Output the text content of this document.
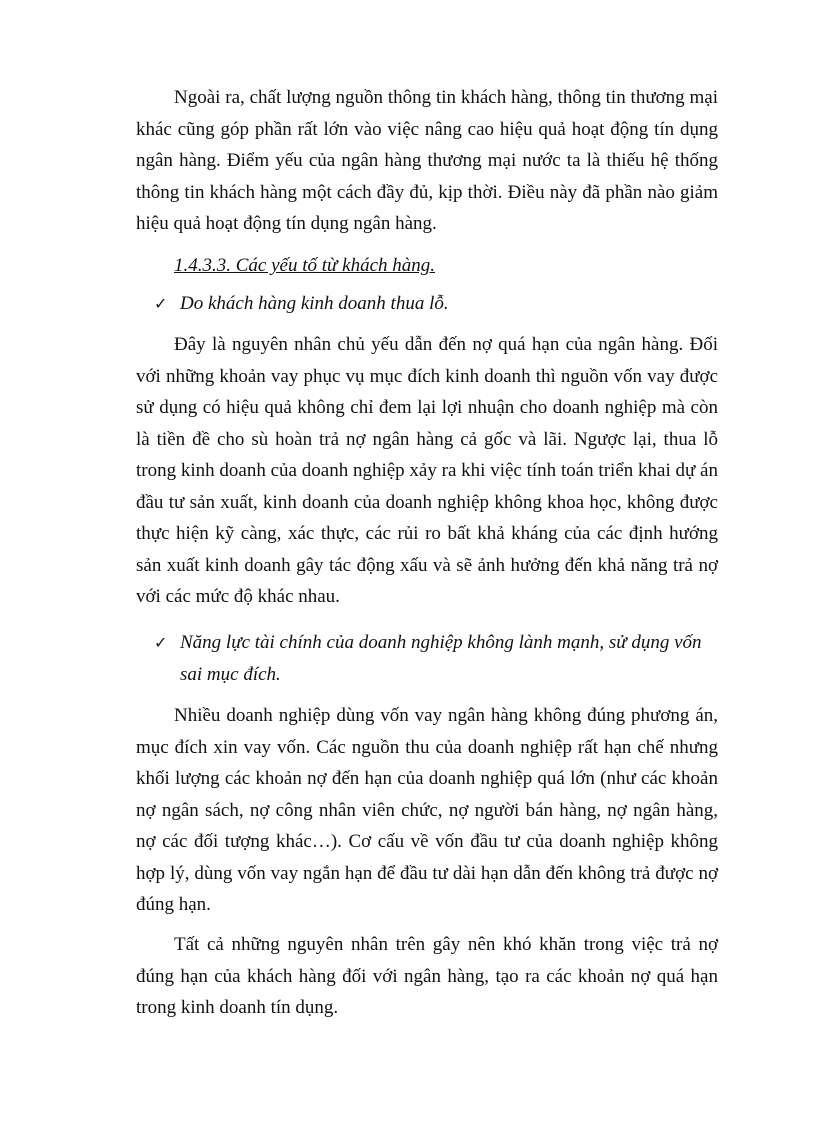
Ngoài ra, chất lượng nguồn thông tin khách hàng, thông tin thương mại khác cũng góp phần rất lớn vào việc nâng cao hiệu quả hoạt động tín dụng ngân hàng. Điểm yếu của ngân hàng thương mại nước ta là thiếu hệ thống thông tin khách hàng một cách đầy đủ, kịp thời. Điều này đã phần nào giảm hiệu quả hoạt động tín dụng ngân hàng.

1.4.3.3. Các yếu tố từ khách hàng.

✓ Do khách hàng kinh doanh thua lỗ.

Đây là nguyên nhân chủ yếu dẫn đến nợ quá hạn của ngân hàng. Đối với những khoản vay phục vụ mục đích kinh doanh thì nguồn vốn vay được sử dụng có hiệu quả không chỉ đem lại lợi nhuận cho doanh nghiệp mà còn là tiền đề cho sù hoàn trả nợ ngân hàng cả gốc và lãi. Ngược lại, thua lỗ trong kinh doanh của doanh nghiệp xảy ra khi việc tính toán triển khai dự án đầu tư sản xuất, kinh doanh của doanh nghiệp không khoa học, không được thực hiện kỹ càng, xác thực, các rủi ro bất khả kháng của các định hướng sản xuất kinh doanh gây tác động xấu và sẽ ảnh hưởng đến khả năng trả nợ với các mức độ khác nhau.

✓ Năng lực tài chính của doanh nghiệp không lành mạnh, sử dụng vốn sai mục đích.

Nhiều doanh nghiệp dùng vốn vay ngân hàng không đúng phương án, mục đích xin vay vốn. Các nguồn thu của doanh nghiệp rất hạn chế nhưng khối lượng các khoản nợ đến hạn của doanh nghiệp quá lớn (như các khoản nợ ngân sách, nợ công nhân viên chức, nợ người bán hàng, nợ ngân hàng, nợ các đối tượng khác…). Cơ cấu về vốn đầu tư của doanh nghiệp không hợp lý, dùng vốn vay ngắn hạn để đầu tư dài hạn dẫn đến không trả được nợ đúng hạn.

Tất cả những nguyên nhân trên gây nên khó khăn trong việc trả nợ đúng hạn của khách hàng đối với ngân hàng, tạo ra các khoản nợ quá hạn trong kinh doanh tín dụng.
